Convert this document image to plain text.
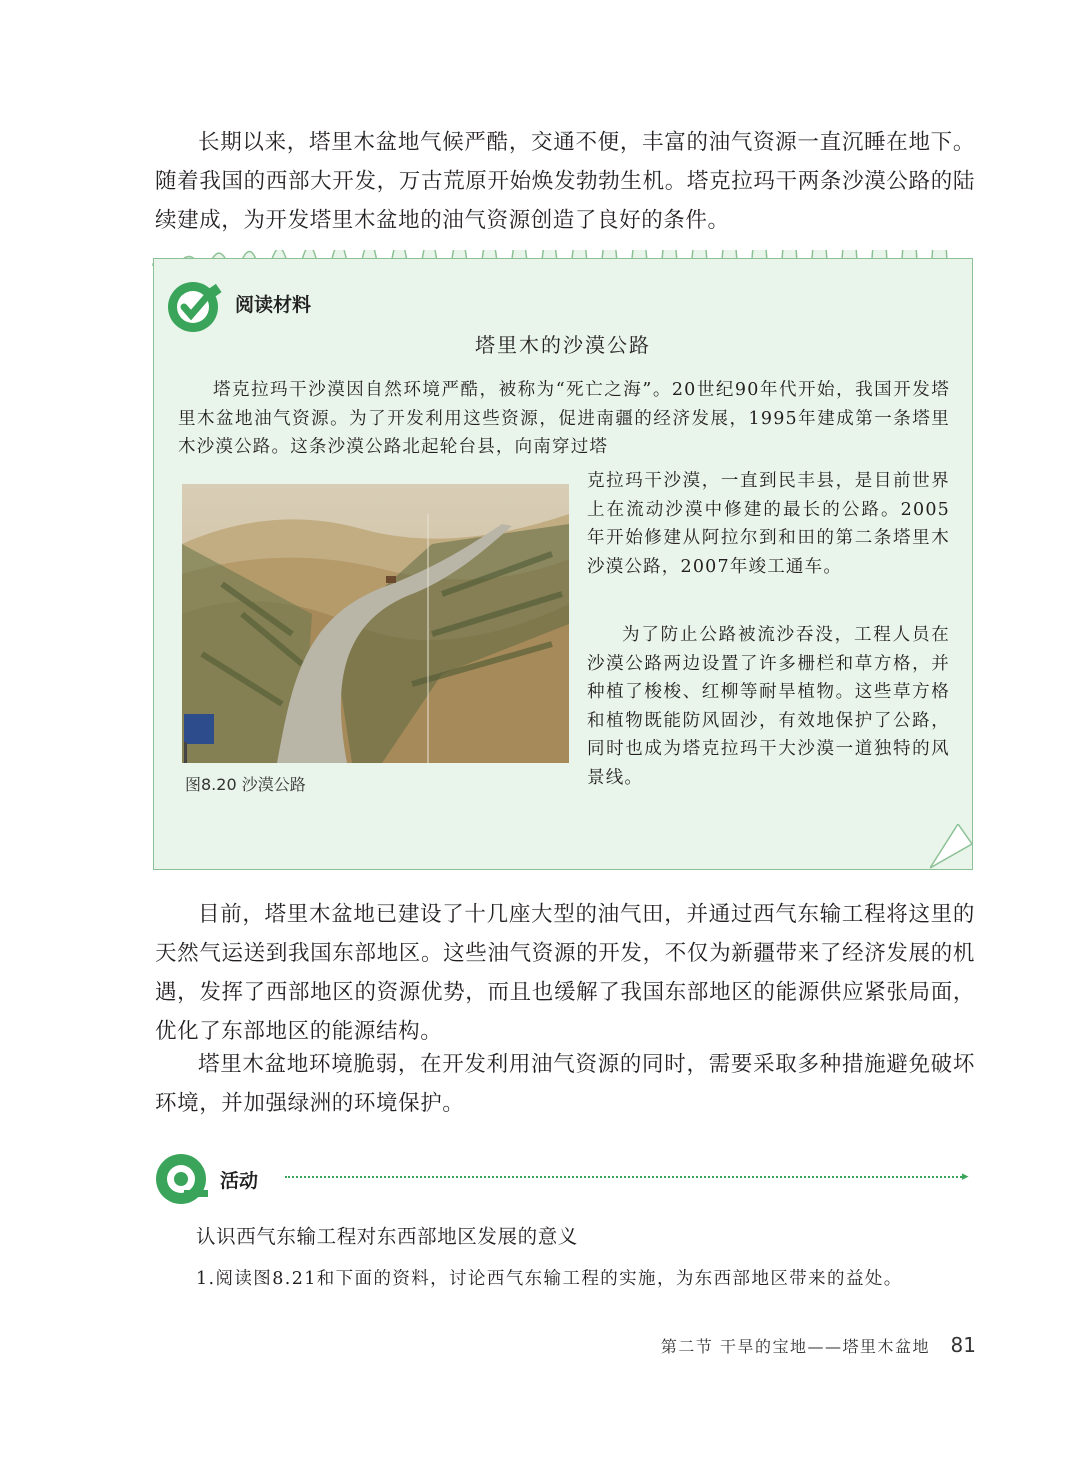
长期以来，塔里木盆地气候严酷，交通不便，丰富的油气资源一直沉睡在地下。随着我国的西部大开发，万古荒原开始焕发勃勃生机。塔克拉玛干两条沙漠公路的陆续建成，为开发塔里木盆地的油气资源创造了良好的条件。
阅读材料
塔里木的沙漠公路
塔克拉玛干沙漠因自然环境严酷，被称为“死亡之海”。20世纪90年代开始，我国开发塔里木盆地油气资源。为了开发利用这些资源，促进南疆的经济发展，1995年建成第一条塔里木沙漠公路。这条沙漠公路北起轮台县，向南穿过塔
克拉玛干沙漠，一直到民丰县，是目前世界上在流动沙漠中修建的最长的公路。2005年开始修建从阿拉尔到和田的第二条塔里木沙漠公路，2007年竣工通车。
为了防止公路被流沙吞没，工程人员在沙漠公路两边设置了许多栅栏和草方格，并种植了梭梭、红柳等耐旱植物。这些草方格和植物既能防风固沙，有效地保护了公路，同时也成为塔克拉玛干大沙漠一道独特的风景线。
图8.20 沙漠公路
目前，塔里木盆地已建设了十几座大型的油气田，并通过西气东输工程将这里的天然气运送到我国东部地区。这些油气资源的开发，不仅为新疆带来了经济发展的机遇，发挥了西部地区的资源优势，而且也缓解了我国东部地区的能源供应紧张局面，优化了东部地区的能源结构。
塔里木盆地环境脆弱，在开发利用油气资源的同时，需要采取多种措施避免破坏环境，并加强绿洲的环境保护。
活动	▸
认识西气东输工程对东西部地区发展的意义
1.阅读图8.21和下面的资料，讨论西气东输工程的实施，为东西部地区带来的益处。
第二节 干旱的宝地——塔里木盆地 81
